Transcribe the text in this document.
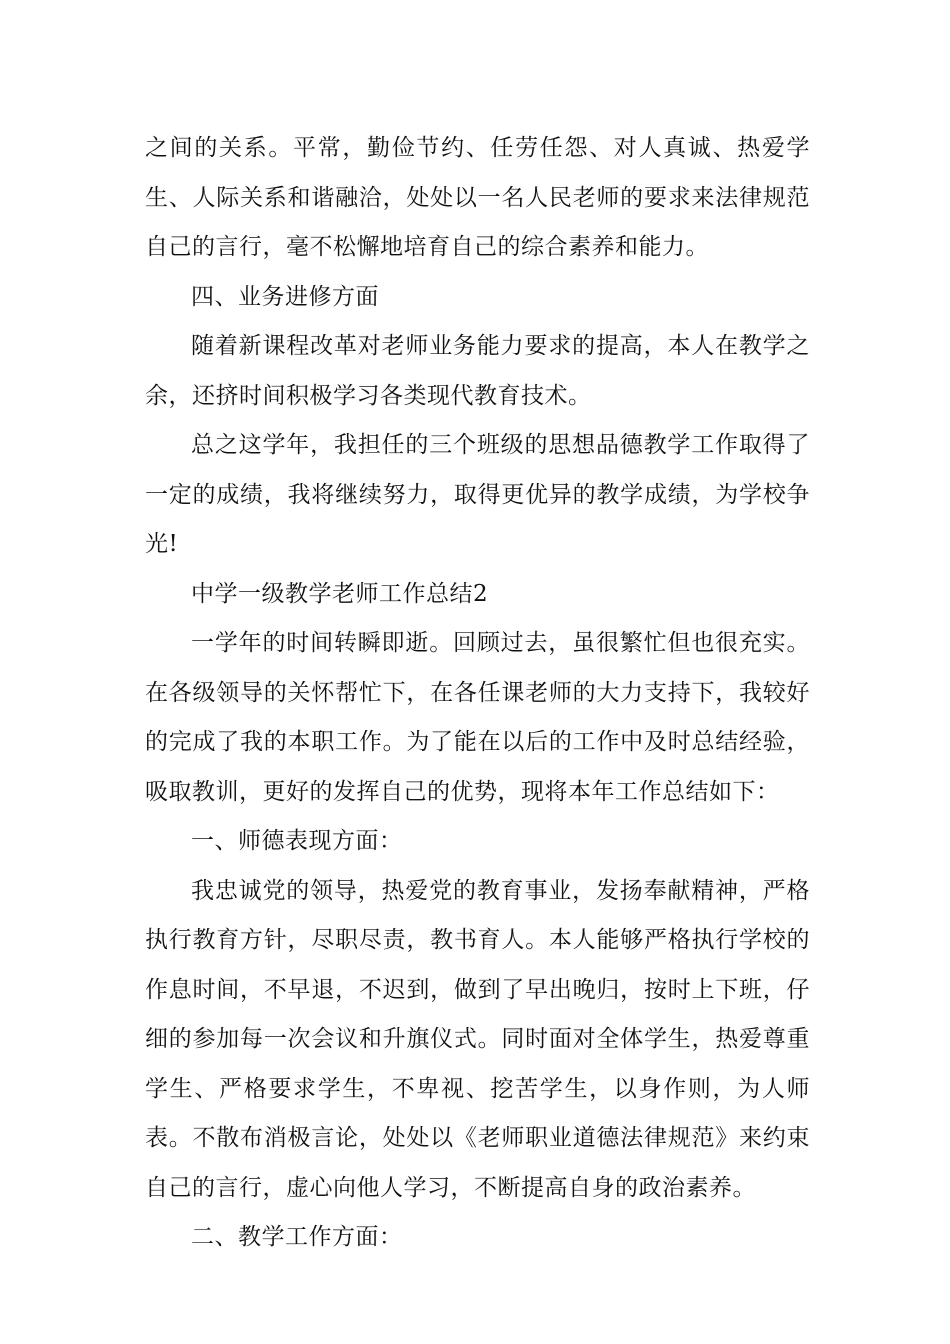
之间的关系。平常，勤俭节约、任劳任怨、对人真诚、热爱学生、人际关系和谐融洽，处处以一名人民老师的要求来法律规范自己的言行，毫不松懈地培育自己的综合素养和能力。

四、业务进修方面

随着新课程改革对老师业务能力要求的提高，本人在教学之余，还挤时间积极学习各类现代教育技术。

总之这学年，我担任的三个班级的思想品德教学工作取得了一定的成绩，我将继续努力，取得更优异的教学成绩，为学校争光!

中学一级教学老师工作总结2

一学年的时间转瞬即逝。回顾过去，虽很繁忙但也很充实。在各级领导的关怀帮忙下，在各任课老师的大力支持下，我较好的完成了我的本职工作。为了能在以后的工作中及时总结经验，吸取教训，更好的发挥自己的优势，现将本年工作总结如下：

一、师德表现方面：

我忠诚党的领导，热爱党的教育事业，发扬奉献精神，严格执行教育方针，尽职尽责，教书育人。本人能够严格执行学校的作息时间，不早退，不迟到，做到了早出晚归，按时上下班，仔细的参加每一次会议和升旗仪式。同时面对全体学生，热爱尊重学生、严格要求学生，不卑视、挖苦学生，以身作则，为人师表。不散布消极言论，处处以《老师职业道德法律规范》来约束自己的言行，虚心向他人学习，不断提高自身的政治素养。

二、教学工作方面：
